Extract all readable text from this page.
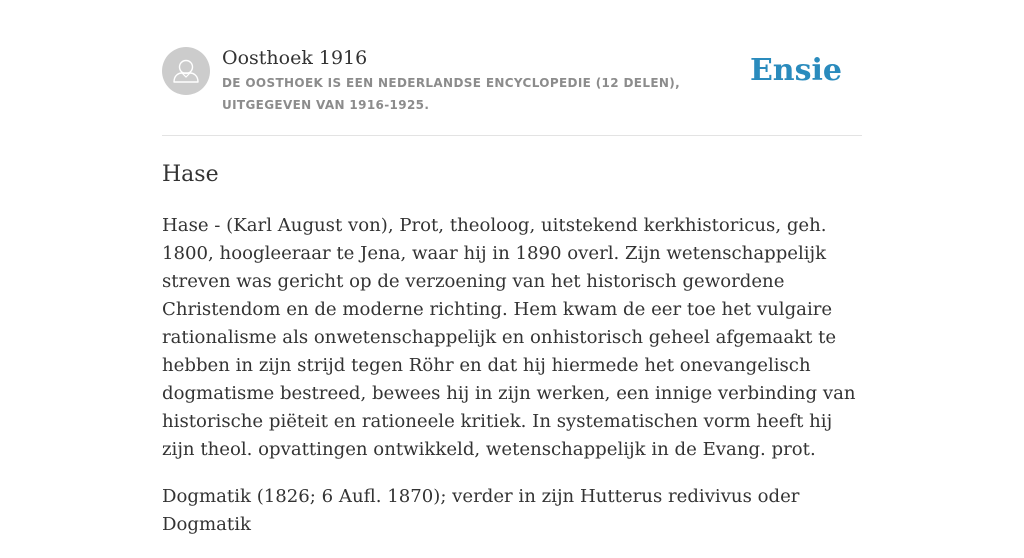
Oosthoek 1916
DE OOSTHOEK IS EEN NEDERLANDSE ENCYCLOPEDIE (12 DELEN), UITGEGEVEN VAN 1916-1925.
Ensie
Hase

Hase - (Karl August von), Prot, theoloog, uitstekend kerkhistoricus, geh. 1800, hoogleeraar te Jena, waar hij in 1890 overl. Zijn wetenschappelijk streven was gericht op de verzoening van het historisch gewordene Christendom en de moderne richting. Hem kwam de eer toe het vulgaire rationalisme als onwetenschappelijk en onhistorisch geheel afgemaakt te hebben in zijn strijd tegen Röhr en dat hij hiermede het onevangelisch dogmatisme bestreed, bewees hij in zijn werken, een innige verbinding van historische piëteit en rationeele kritiek. In systematischen vorm heeft hij zijn theol. opvattingen ontwikkeld, wetenschappelijk in de Evang. prot.

Dogmatik (1826; 6 Aufl. 1870); verder in zijn Hutterus redivivus oder Dogmatik
